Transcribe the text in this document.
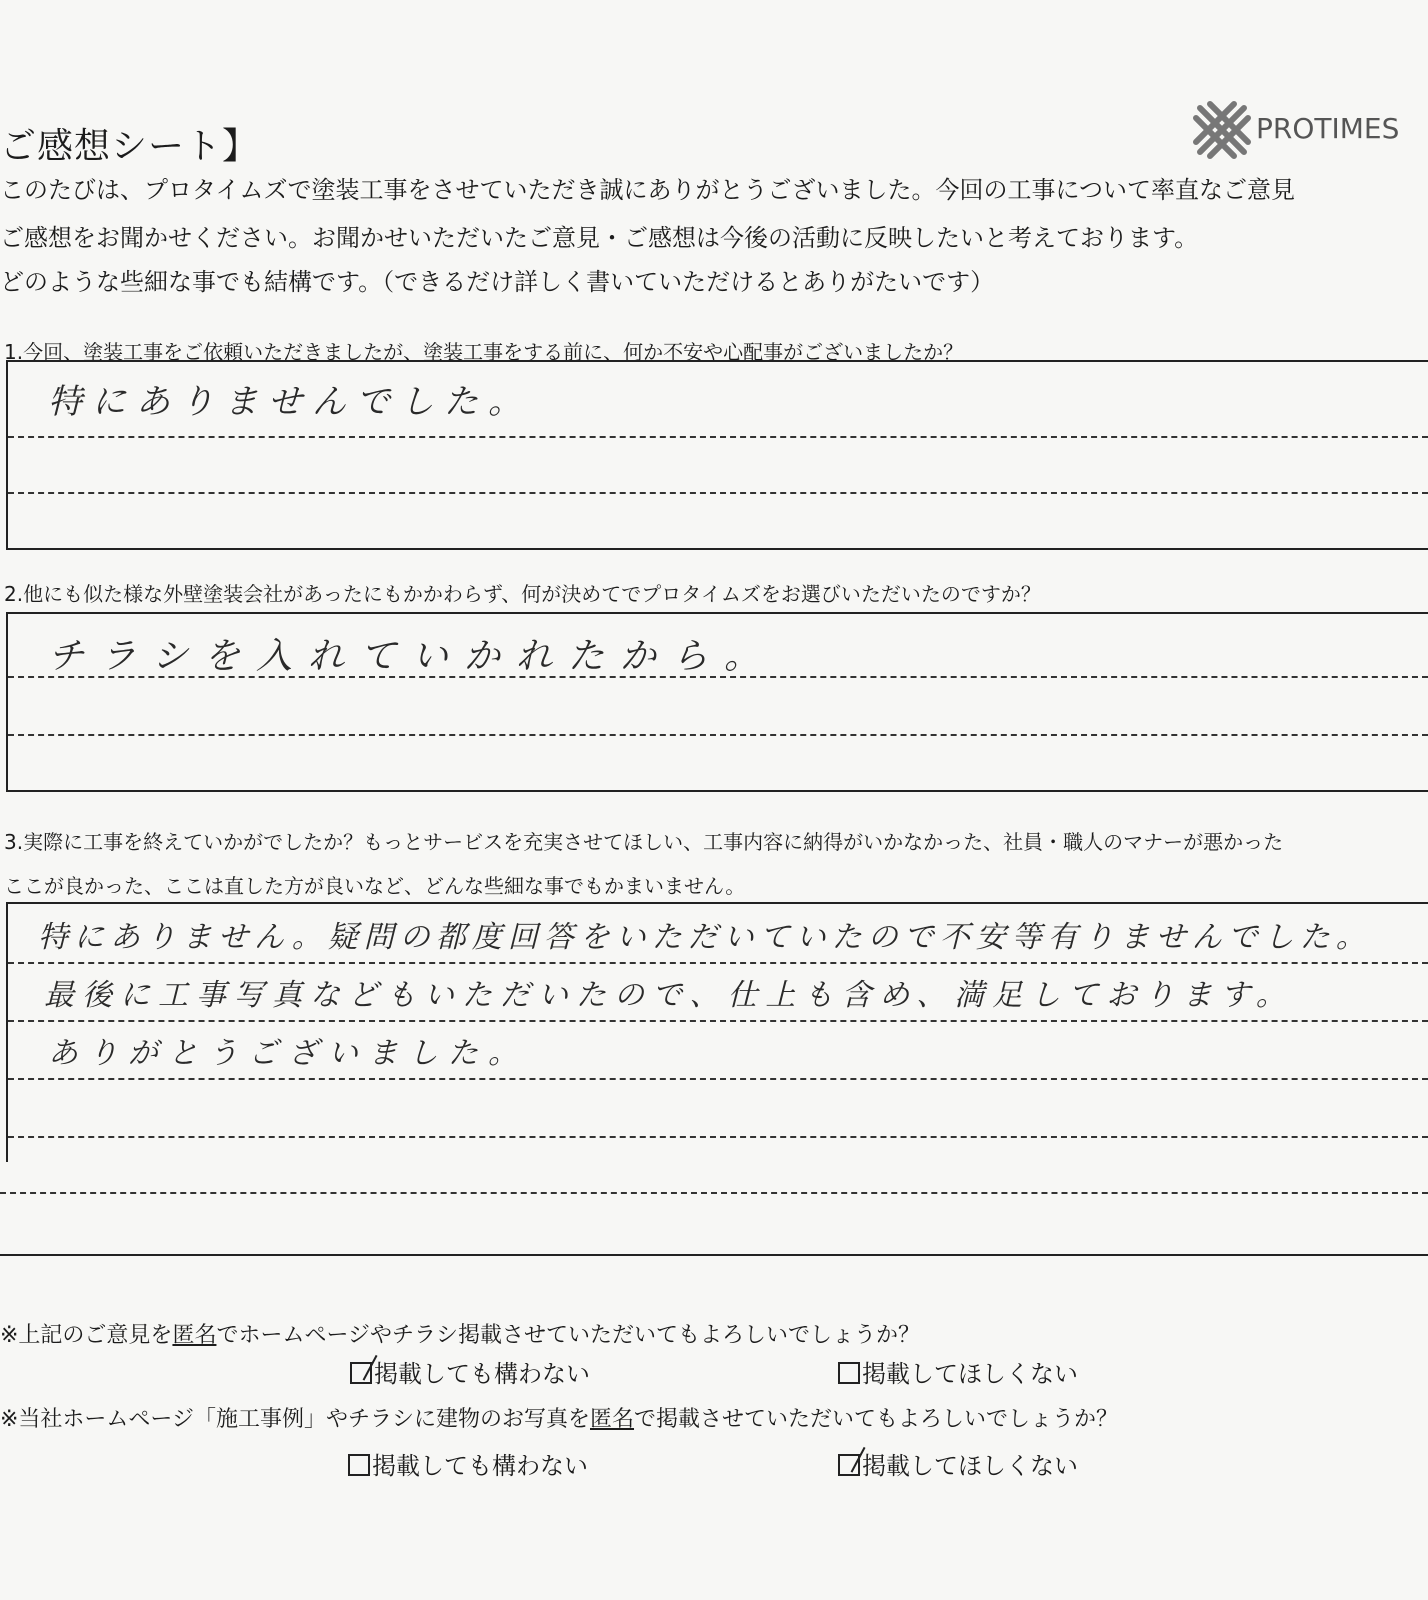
ご感想シート】	PROTIMES
このたびは、プロタイムズで塗装工事をさせていただき誠にありがとうございました。今回の工事について率直なご意見
ご感想をお聞かせください。お聞かせいただいたご意見・ご感想は今後の活動に反映したいと考えております。
どのような些細な事でも結構です。（できるだけ詳しく書いていただけるとありがたいです）
1.今回、塗装工事をご依頼いただきましたが、塗装工事をする前に、何か不安や心配事がございましたか？
特にありませんでした。
2.他にも似た様な外壁塗装会社があったにもかかわらず、何が決めてでプロタイムズをお選びいただいたのですか？
チラシを入れていかれたから。
3.実際に工事を終えていかがでしたか？もっとサービスを充実させてほしい、工事内容に納得がいかなかった、社員・職人のマナーが悪かった
ここが良かった、ここは直した方が良いなど、どんな些細な事でもかまいません。
特にありません。疑問の都度回答をいただいていたので不安等有りませんでした。
最後に工事写真などもいただいたので、仕上も含め、満足しております。
ありがとうございました。
※上記のご意見を匿名でホームページやチラシ掲載させていただいてもよろしいでしょうか？
掲載しても構わない	掲載してほしくない
※当社ホームページ「施工事例」やチラシに建物のお写真を匿名で掲載させていただいてもよろしいでしょうか？
掲載しても構わない	掲載してほしくない
